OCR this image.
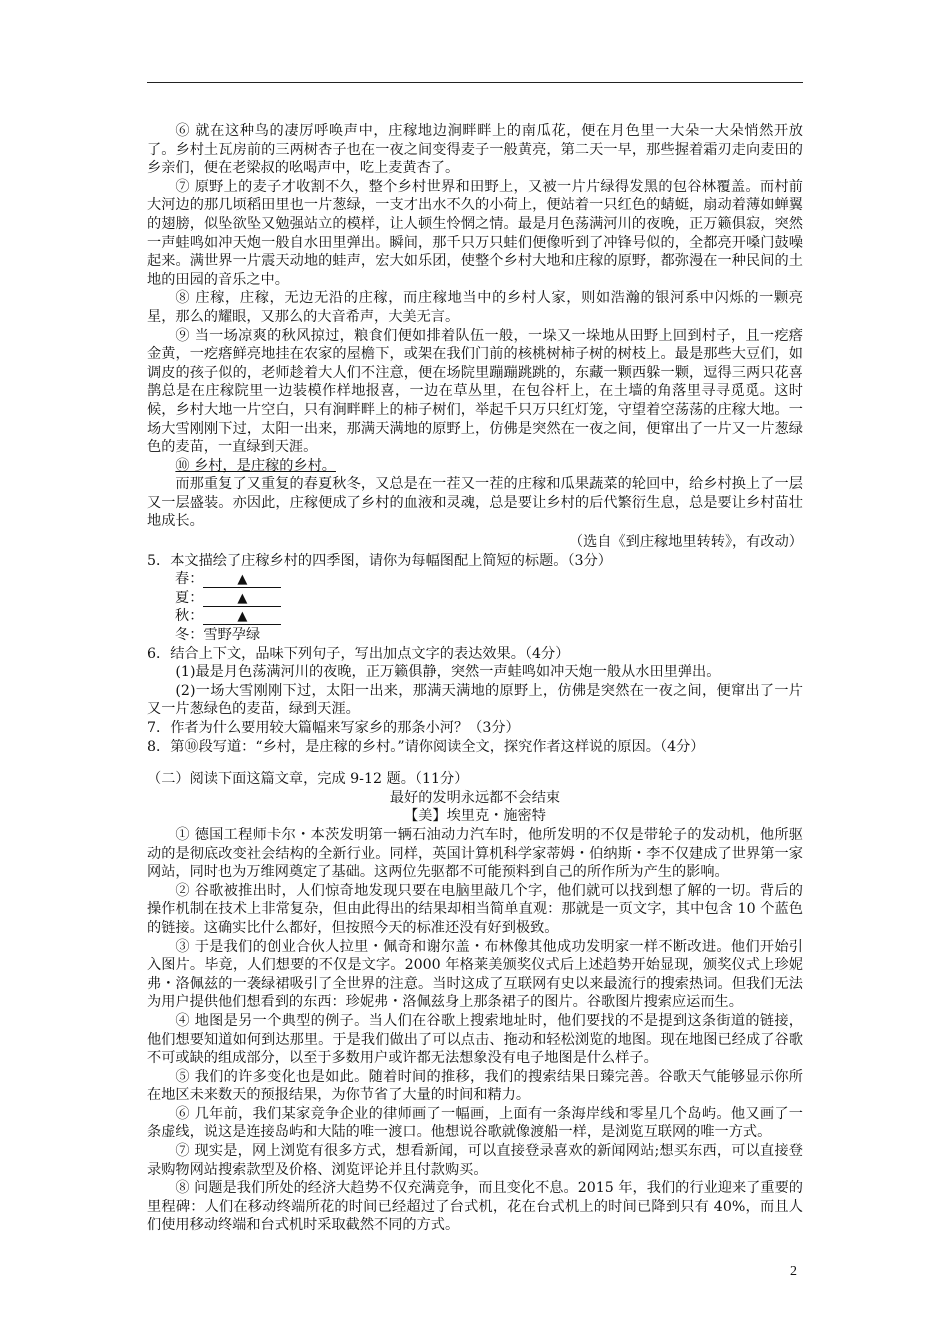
⑥ 就在这种鸟的凄厉呼唤声中，庄稼地边涧畔畔上的南瓜花，便在月色里一大朵一大朵悄然开放了。乡村土瓦房前的三两树杏子也在一夜之间变得麦子一般黄亮，第二天一早，那些握着霜刃走向麦田的乡亲们，便在老梁叔的吆喝声中，吃上麦黄杏了。

⑦ 原野上的麦子才收割不久，整个乡村世界和田野上，又被一片片绿得发黑的包谷林覆盖。而村前大河边的那几顷稻田里也一片葱绿，一支才出水不久的小荷上，便站着一只红色的蜻蜓，扇动着薄如蝉翼的翅膀，似坠欲坠又勉强站立的模样，让人顿生怜惘之情。最是月色荡满河川的夜晚，正万籁俱寂，突然一声蛙鸣如冲天炮一般自水田里弹出。瞬间，那千只万只蛙们便像听到了冲锋号似的，全都亮开嗓门鼓噪起来。满世界一片震天动地的蛙声，宏大如乐团，使整个乡村大地和庄稼的原野，都弥漫在一种民间的土地的田园的音乐之中。

⑧ 庄稼，庄稼，无边无沿的庄稼，而庄稼地当中的乡村人家，则如浩瀚的银河系中闪烁的一颗亮星，那么的耀眼，又那么的大音希声，大美无言。

⑨ 当一场凉爽的秋风掠过，粮食们便如排着队伍一般，一垛又一垛地从田野上回到村子，且一疙瘩金黄，一疙瘩鲜亮地挂在农家的屋檐下，或架在我们门前的核桃树柿子树的树枝上。最是那些大豆们，如调皮的孩子似的，老师趁着大人们不注意，便在场院里蹦蹦跳跳的，东藏一颗西躲一颗，逗得三两只花喜鹊总是在庄稼院里一边装模作样地报喜，一边在草丛里，在包谷杆上，在土墙的角落里寻寻觅觅。这时候，乡村大地一片空白，只有涧畔畔上的柿子树们，举起千只万只红灯笼，守望着空荡荡的庄稼大地。一场大雪刚刚下过，太阳一出来，那满天满地的原野上，仿佛是突然在一夜之间，便窜出了一片又一片葱绿色的麦苗，一直绿到天涯。

⑩ 乡村，是庄稼的乡村。

而那重复了又重复的春夏秋冬，又总是在一茬又一茬的庄稼和瓜果蔬菜的轮回中，给乡村换上了一层又一层盛装。亦因此，庄稼便成了乡村的血液和灵魂，总是要让乡村的后代繁衍生息，总是要让乡村苗壮地成长。

（选自《到庄稼地里转转》，有改动）

5．本文描绘了庄稼乡村的四季图，请你为每幅图配上简短的标题。（3分）

春：	▲
夏：	▲
秋：	▲
冬：雪野孕绿

6．结合上下文，品味下列句子，写出加点文字的表达效果。（4分）

(1)最是月色荡满河川的夜晚，正万籁俱静，突然一声蛙鸣如冲天炮一般从水田里弹出。

(2)一场大雪刚刚下过，太阳一出来，那满天满地的原野上，仿佛是突然在一夜之间，便窜出了一片又一片葱绿色的麦苗，绿到天涯。

7．作者为什么要用较大篇幅来写家乡的那条小河？（3分）

8．第⑩段写道：“乡村，是庄稼的乡村。”请你阅读全文，探究作者这样说的原因。（4分）

（二）阅读下面这篇文章，完成 9-12 题。（11分）

最好的发明永远都不会结束

【美】埃里克・施密特

① 德国工程师卡尔・本茨发明第一辆石油动力汽车时，他所发明的不仅是带轮子的发动机，他所驱动的是彻底改变社会结构的全新行业。同样，英国计算机科学家蒂姆・伯纳斯・李不仅建成了世界第一家网站，同时也为万维网奠定了基础。这两位先驱都不可能预料到自己的所作所为产生的影响。

② 谷歌被推出时，人们惊奇地发现只要在电脑里敲几个字，他们就可以找到想了解的一切。背后的操作机制在技术上非常复杂，但由此得出的结果却相当简单直观：那就是一页文字，其中包含 10 个蓝色的链接。这确实比什么都好，但按照今天的标准还没有好到极致。

③ 于是我们的创业合伙人拉里・佩奇和谢尔盖・布林像其他成功发明家一样不断改进。他们开始引入图片。毕竟，人们想要的不仅是文字。2000 年格莱美颁奖仪式后上述趋势开始显现，颁奖仪式上珍妮弗・洛佩兹的一袭绿裙吸引了全世界的注意。当时这成了互联网有史以来最流行的搜索热词。但我们无法为用户提供他们想看到的东西：珍妮弗・洛佩兹身上那条裙子的图片。谷歌图片搜索应运而生。

④ 地图是另一个典型的例子。当人们在谷歌上搜索地址时，他们要找的不是提到这条街道的链接，他们想要知道如何到达那里。于是我们做出了可以点击、拖动和轻松浏览的地图。现在地图已经成了谷歌不可或缺的组成部分，以至于多数用户或许都无法想象没有电子地图是什么样子。

⑤ 我们的许多变化也是如此。随着时间的推移，我们的搜索结果日臻完善。谷歌天气能够显示你所在地区未来数天的预报结果，为你节省了大量的时间和精力。

⑥ 几年前，我们某家竞争企业的律师画了一幅画，上面有一条海岸线和零星几个岛屿。他又画了一条虚线，说这是连接岛屿和大陆的唯一渡口。他想说谷歌就像渡船一样，是浏览互联网的唯一方式。

⑦ 现实是，网上浏览有很多方式，想看新闻，可以直接登录喜欢的新闻网站;想买东西，可以直接登录购物网站搜索款型及价格、浏览评论并且付款购买。

⑧ 问题是我们所处的经济大趋势不仅充满竞争，而且变化不息。2015 年，我们的行业迎来了重要的里程碑：人们在移动终端所花的时间已经超过了台式机，花在台式机上的时间已降到只有 40%，而且人们使用移动终端和台式机时采取截然不同的方式。

2
